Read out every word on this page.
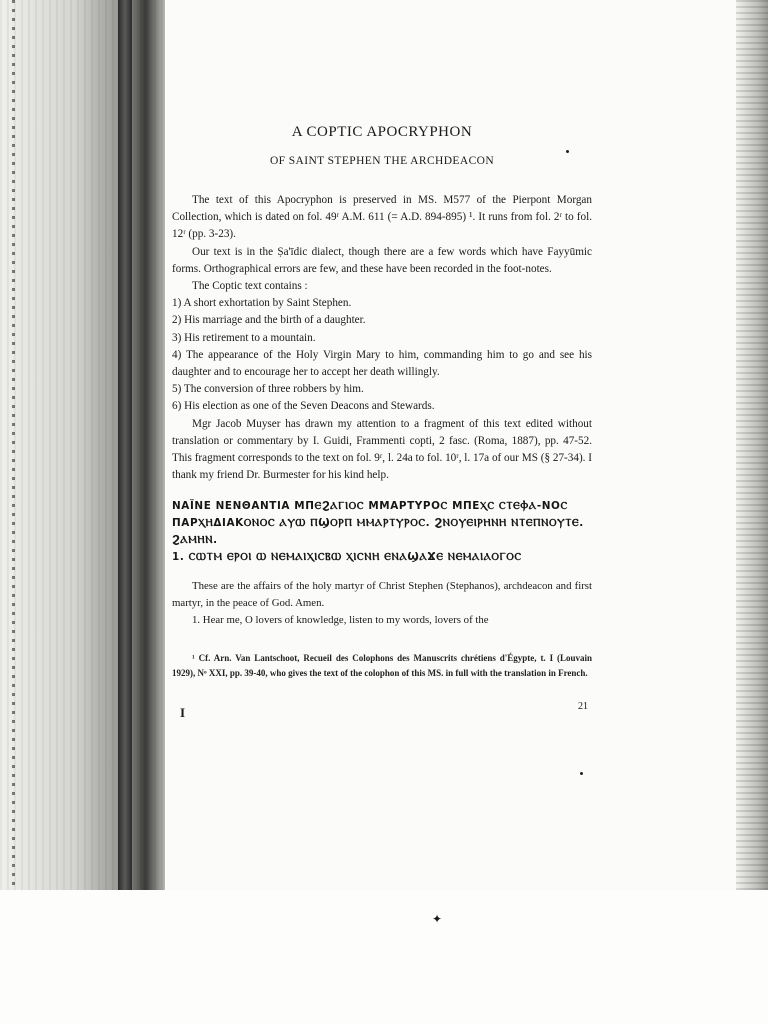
A COPTIC APOCRYPHON
OF SAINT STEPHEN THE ARCHDEACON

The text of this Apocryphon is preserved in MS. M577 of the Pierpont Morgan Collection, which is dated on fol. 49ʳ A.M. 611 (= A.D. 894-895) ¹. It runs from fol. 2ʳ to fol. 12ʳ (pp. 3-23).

Our text is in the Ṣa'īdic dialect, though there are a few words which have Fayyūmic forms. Orthographical errors are few, and these have been recorded in the foot-notes.

The Coptic text contains :

1) A short exhortation by Saint Stephen.

2) His marriage and the birth of a daughter.

3) His retirement to a mountain.

4) The appearance of the Holy Virgin Mary to him, commanding him to go and see his daughter and to encourage her to accept her death willingly.

5) The conversion of three robbers by him.

6) His election as one of the Seven Deacons and Stewards.

Mgr Jacob Muyser has drawn my attention to a fragment of this text edited without translation or commentary by I. Guidi, Frammenti copti, 2 fasc. (Roma, 1887), pp. 47-52. This fragment corresponds to the text on fol. 9ʳ, l. 24a to fol. 10ʳ, l. 17a of our MS (§ 27-34). I thank my friend Dr. Burmester for his kind help.

ΝΑΪΝΕ ΝΕΝΘΑΝΤΙΑ ΜΠⲈϨⲀⲄⲒⲞⲤ ΜΜΑΡΤΥΡΟⲤ ΜΠΕⲬⲤ ⲤⲦⲈⲪⲀ-ΝΟⲤ ΠΑΡⲬⲎΔΙΑΚⲞⲚⲞⲤ ⲀⲨⲰ ⲠϢⲞⲢⲠ ⲘⲘⲀⲢⲦⲨⲢⲞⲤ. ϨⲚⲞⲨⲈⲒⲢⲎⲚⲎ ⲚⲦⲈⲠⲚⲞⲨⲦⲈ. ϨⲀⲘⲎⲚ.
1. ⲤⲰⲦⲘ ⲈⲢⲞⲒ Ⲱ ⲚⲈⲘⲀⲒⲬⲒⲤⲂⲰ ⲬⲒⲤⲚⲎ ⲈⲚⲀϢⲀϪⲈ ⲚⲈⲘⲀⲒⲀⲞⲄⲞⲤ

These are the affairs of the holy martyr of Christ Stephen (Stephanos), archdeacon and first martyr, in the peace of God. Amen.

1. Hear me, O lovers of knowledge, listen to my words, lovers of the

¹ Cf. Arn. Van Lantschoot, Recueil des Colophons des Manuscrits chrétiens d'Égypte, t. I (Louvain 1929), Nᵒ XXI, pp. 39-40, who gives the text of the colophon of this MS. in full with the translation in French.
I	21
✦
